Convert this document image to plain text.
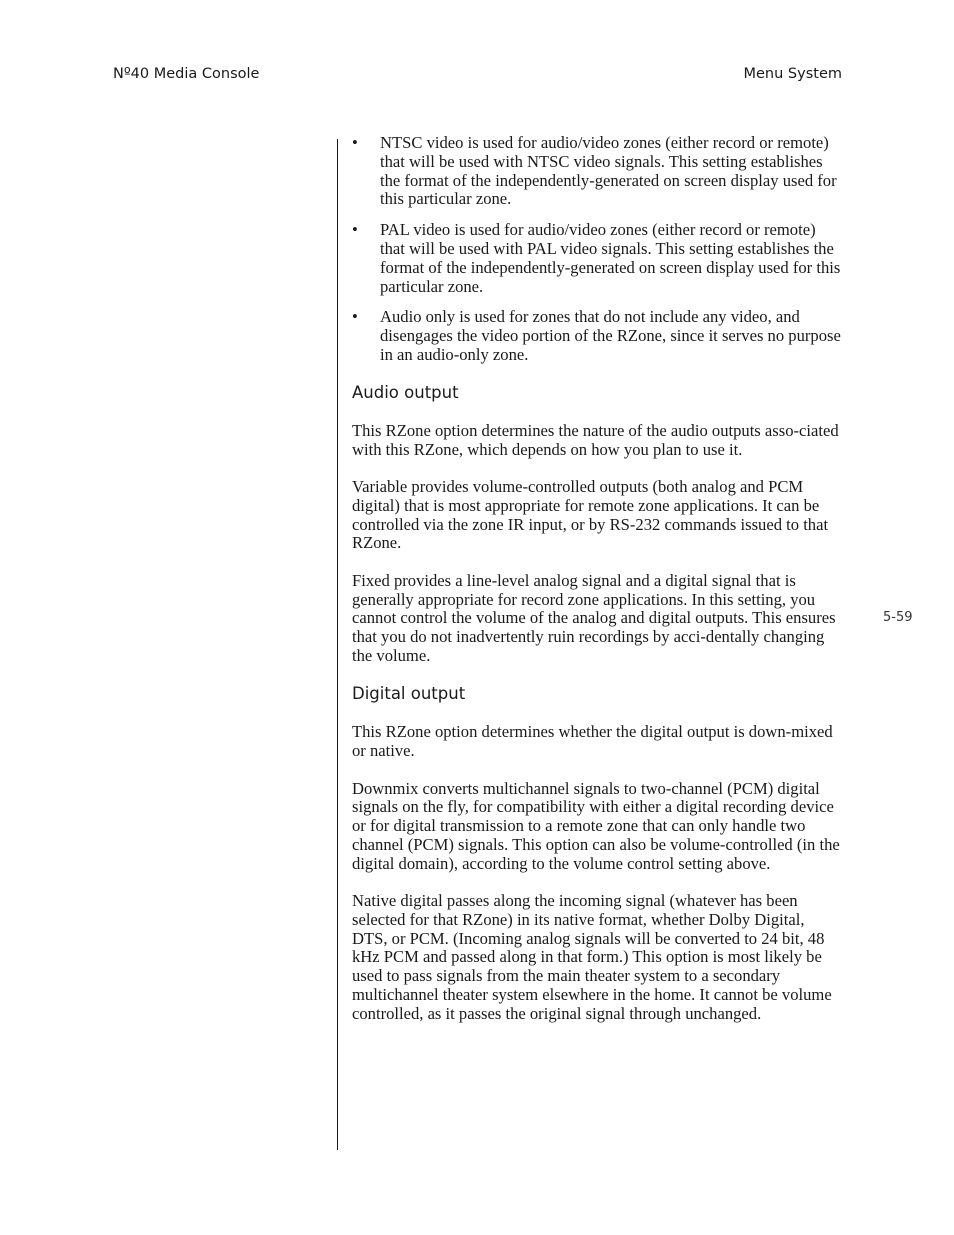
Nº40 Media Console	Menu System
5-59
• NTSC video is used for audio/video zones (either record or remote) that will be used with NTSC video signals. This setting establishes the format of the independently-generated on screen display used for this particular zone.
• PAL video is used for audio/video zones (either record or remote) that will be used with PAL video signals. This setting establishes the format of the independently-generated on screen display used for this particular zone.
• Audio only is used for zones that do not include any video, and disengages the video portion of the RZone, since it serves no purpose in an audio-only zone.
Audio output

This RZone option determines the nature of the audio outputs asso-ciated with this RZone, which depends on how you plan to use it.

Variable provides volume-controlled outputs (both analog and PCM digital) that is most appropriate for remote zone applications. It can be controlled via the zone IR input, or by RS-232 commands issued to that RZone.

Fixed provides a line-level analog signal and a digital signal that is generally appropriate for record zone applications. In this setting, you cannot control the volume of the analog and digital outputs. This ensures that you do not inadvertently ruin recordings by acci-dentally changing the volume.

Digital output

This RZone option determines whether the digital output is down-mixed or native.

Downmix converts multichannel signals to two-channel (PCM) digital signals on the fly, for compatibility with either a digital recording device or for digital transmission to a remote zone that can only handle two channel (PCM) signals. This option can also be volume-controlled (in the digital domain), according to the volume control setting above.

Native digital passes along the incoming signal (whatever has been selected for that RZone) in its native format, whether Dolby Digital, DTS, or PCM. (Incoming analog signals will be converted to 24 bit, 48 kHz PCM and passed along in that form.) This option is most likely be used to pass signals from the main theater system to a secondary multichannel theater system elsewhere in the home. It cannot be volume controlled, as it passes the original signal through unchanged.
